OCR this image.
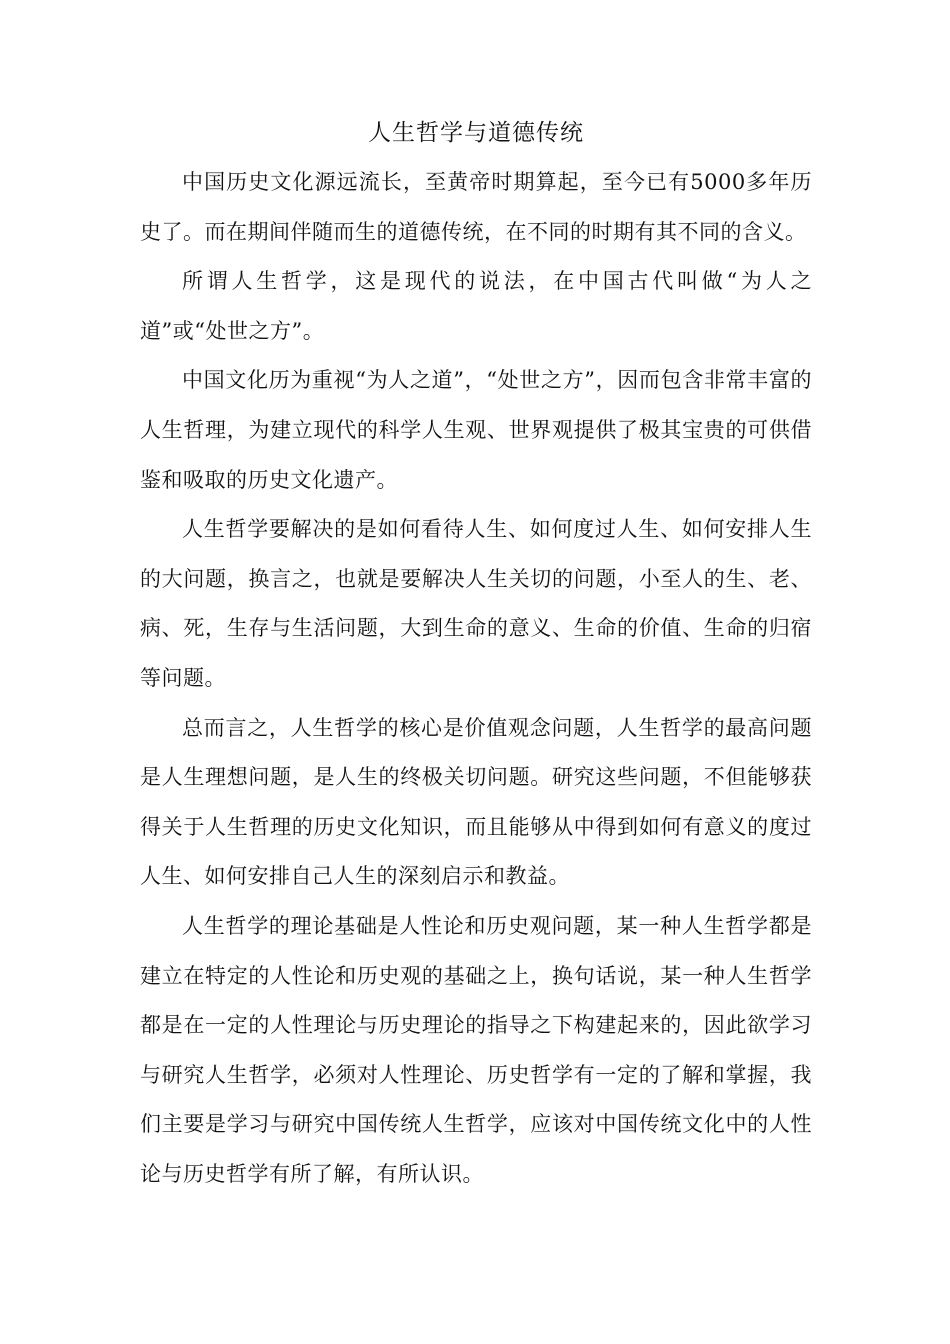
人生哲学与道德传统

中国历史文化源远流长，至黄帝时期算起，至今已有5000多年历史了。而在期间伴随而生的道德传统，在不同的时期有其不同的含义。

所谓人生哲学，这是现代的说法，在中国古代叫做“为人之道”或“处世之方”。

中国文化历为重视“为人之道”，“处世之方”，因而包含非常丰富的人生哲理，为建立现代的科学人生观、世界观提供了极其宝贵的可供借鉴和吸取的历史文化遗产。

人生哲学要解决的是如何看待人生、如何度过人生、如何安排人生的大问题，换言之，也就是要解决人生关切的问题，小至人的生、老、病、死，生存与生活问题，大到生命的意义、生命的价值、生命的归宿等问题。

总而言之，人生哲学的核心是价值观念问题，人生哲学的最高问题是人生理想问题，是人生的终极关切问题。研究这些问题，不但能够获得关于人生哲理的历史文化知识，而且能够从中得到如何有意义的度过人生、如何安排自己人生的深刻启示和教益。

人生哲学的理论基础是人性论和历史观问题，某一种人生哲学都是建立在特定的人性论和历史观的基础之上，换句话说，某一种人生哲学都是在一定的人性理论与历史理论的指导之下构建起来的，因此欲学习与研究人生哲学，必须对人性理论、历史哲学有一定的了解和掌握，我们主要是学习与研究中国传统人生哲学，应该对中国传统文化中的人性论与历史哲学有所了解，有所认识。
